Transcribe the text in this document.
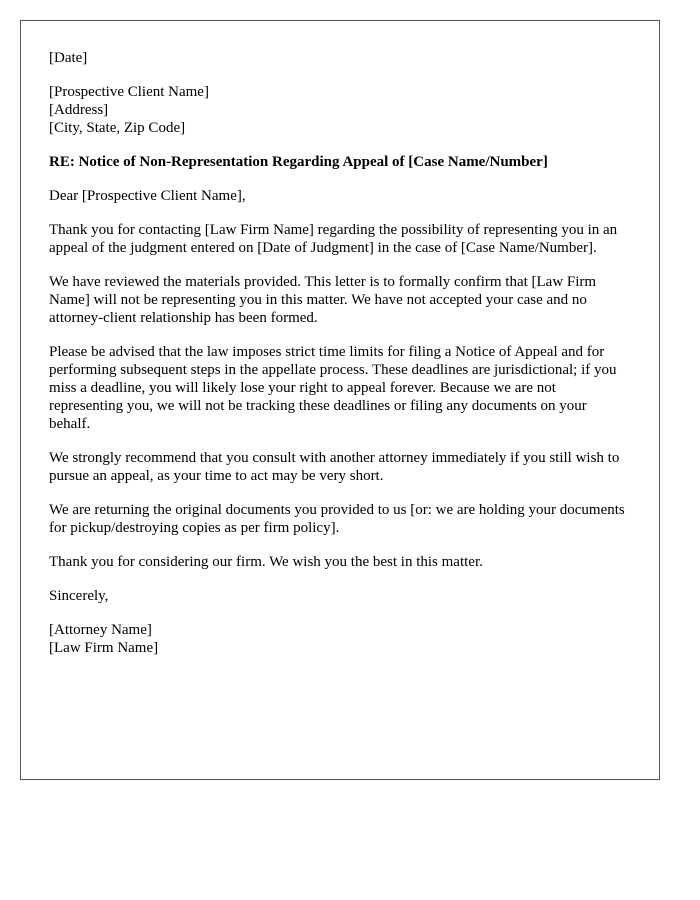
[Date]

[Prospective Client Name]
[Address]
[City, State, Zip Code]

RE: Notice of Non-Representation Regarding Appeal of [Case Name/Number]

Dear [Prospective Client Name],

Thank you for contacting [Law Firm Name] regarding the possibility of representing you in an appeal of the judgment entered on [Date of Judgment] in the case of [Case Name/Number].

We have reviewed the materials provided. This letter is to formally confirm that [Law Firm Name] will not be representing you in this matter. We have not accepted your case and no attorney-client relationship has been formed.

Please be advised that the law imposes strict time limits for filing a Notice of Appeal and for performing subsequent steps in the appellate process. These deadlines are jurisdictional; if you miss a deadline, you will likely lose your right to appeal forever. Because we are not representing you, we will not be tracking these deadlines or filing any documents on your behalf.

We strongly recommend that you consult with another attorney immediately if you still wish to pursue an appeal, as your time to act may be very short.

We are returning the original documents you provided to us [or: we are holding your documents for pickup/destroying copies as per firm policy].

Thank you for considering our firm. We wish you the best in this matter.

Sincerely,

[Attorney Name]
[Law Firm Name]
